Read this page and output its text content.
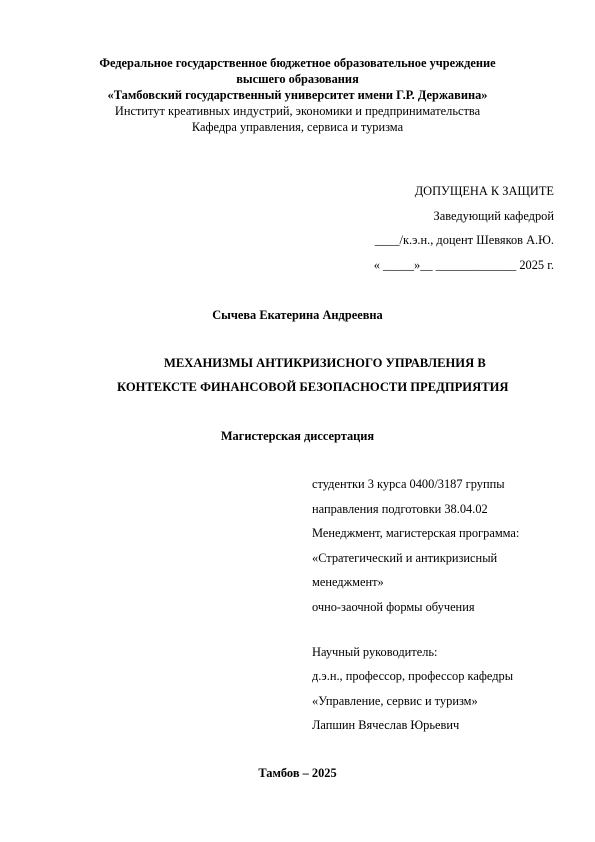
Федеральное государственное бюджетное образовательное учреждение
высшего образования
«Тамбовский государственный университет имени Г.Р. Державина»
Институт креативных индустрий, экономики и предпринимательства
Кафедра управления, сервиса и туризма
ДОПУЩЕНА К ЗАЩИТЕ
Заведующий кафедрой
____/к.э.н., доцент Шевяков А.Ю.
« _____»__ _____________ 2025 г.
Сычева Екатерина Андреевна
МЕХАНИЗМЫ АНТИКРИЗИСНОГО УПРАВЛЕНИЯ В
КОНТЕКСТЕ ФИНАНСОВОЙ БЕЗОПАСНОСТИ ПРЕДПРИЯТИЯ
Магистерская диссертация
студентки 3 курса 0400/3187 группы
направления подготовки 38.04.02
Менеджмент, магистерская программа:
«Стратегический и антикризисный
менеджмент»
очно-заочной формы обучения
Научный руководитель:
д.э.н., профессор, профессор кафедры
«Управление, сервис и туризм»
Лапшин Вячеслав Юрьевич
Тамбов – 2025
